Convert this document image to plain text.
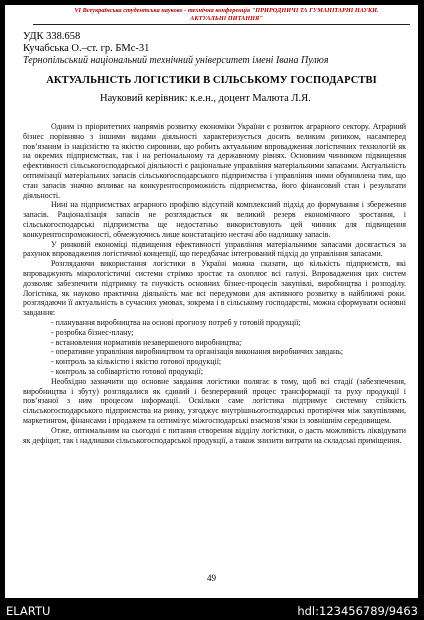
VI Всеукраїнська студентська науково - технічна конференція "ПРИРОДНИЧІ ТА ГУМАНІТАРНІ НАУКИ.
АКТУАЛЬНІ ПИТАННЯ"
УДК 338.658
Кучабська О.–ст. гр. БМс-31
Тернопільський національний технічний університет імені Івана Пулюя
АКТУАЛЬНІСТЬ ЛОГІСТИКИ В СІЛЬСЬКОМУ ГОСПОДАРСТВІ
Науковий керівник: к.е.н., доцент Малюта Л.Я.

Одним із пріоритетних напрямів розвитку економіки України є розвиток аграрного сектору. Аграрний бізнес порівняно з іншими видами діяльності характеризується досить великим ризиком, насамперед пов’язаним із націсністю та якістю сировини, що робить актуальним впровадження логістичних технологій як на окремих підприємствах, так і на регіональному та державному рівнях. Основним чинником підвищення ефективності сільськогосподарської діяльності є раціональне управління матеріальними запасами. Актуальність оптимізації матеріальних запасів сільськогосподарського підприємства і управління ними обумовлена тим, що стан запасів значно впливає на конкурентоспроможність підприємства, його фінансовий стан і результати діяльності.

Нині на підприємствах аграрного профілю відсутній комплексний підхід до формування і збереження запасів. Раціоналізація запасів не розглядається як великий резерв економічного зростання, і сільськогосподарські підприємства ще недостатньо використовують цей чинник для підвищення конкурентоспроможності, обмежуючись лише констатацією нестачі або надлишку запасів.

У ринковій економіці підвищення ефективності управління матеріальними запасами досягається за рахунок впровадження логістичної концепції, що передбачає інтегрований підхід до управління запасами.

Розглядаючи використання логістики в Україні можна сказати, що кількість підприємств, які впроваджують мікрологістичні системи стрімко зростає та охоплює всі галузі. Впровадження цих систем дозволяє забезпечити підтримку та гнучкість основних бізнес-процесів закупівлі, виробництва і розподілу. Логістика, як науково практична діяльність має всі передумови для активного розвитку в найближчі роки. розглядаючи її актуальність в сучасних умовах, зокрема і в сільському господарстві, можна сформувати основні завдання:

- планування виробництва на основі прогнозу потреб у готовій продукції;

- розробка бізнес-плану;

- встановлення нормативів незавершеного виробництва;

- оперативне управління виробництвом та організація виконання виробничих завдань;

- контроль за кількістю і якістю готової продукції;

- контроль за собівартістю готової продукції;

Необхідно зазначити що основне завдання логістики полягає в тому, щоб всі стадії (забезпечення, виробництва і збуту) розглядалися як єдиний і безперервний процес трансформації та руху продукції і пов’язаної з ним процесом інформації. Оскільки саме логістика підтримує системну стійкість сільськогосподарського підприємства на ринку, узгоджує внутрішньогосподарські протиріччя між закупівлями, маркетингом, фінансами і продажем та оптимізує міжгосподарські взаємозв’язки із зовнішнім середовищем.

Отже, оптимальним на сьогодні є питання створення відділу логістики, о дасть можливість ліквідувати як дефіцит, так і надлишки сільськогосподарської продукції, а також знизити витрати на складські приміщення.

49
ELARTU	hdl:123456789/9463
